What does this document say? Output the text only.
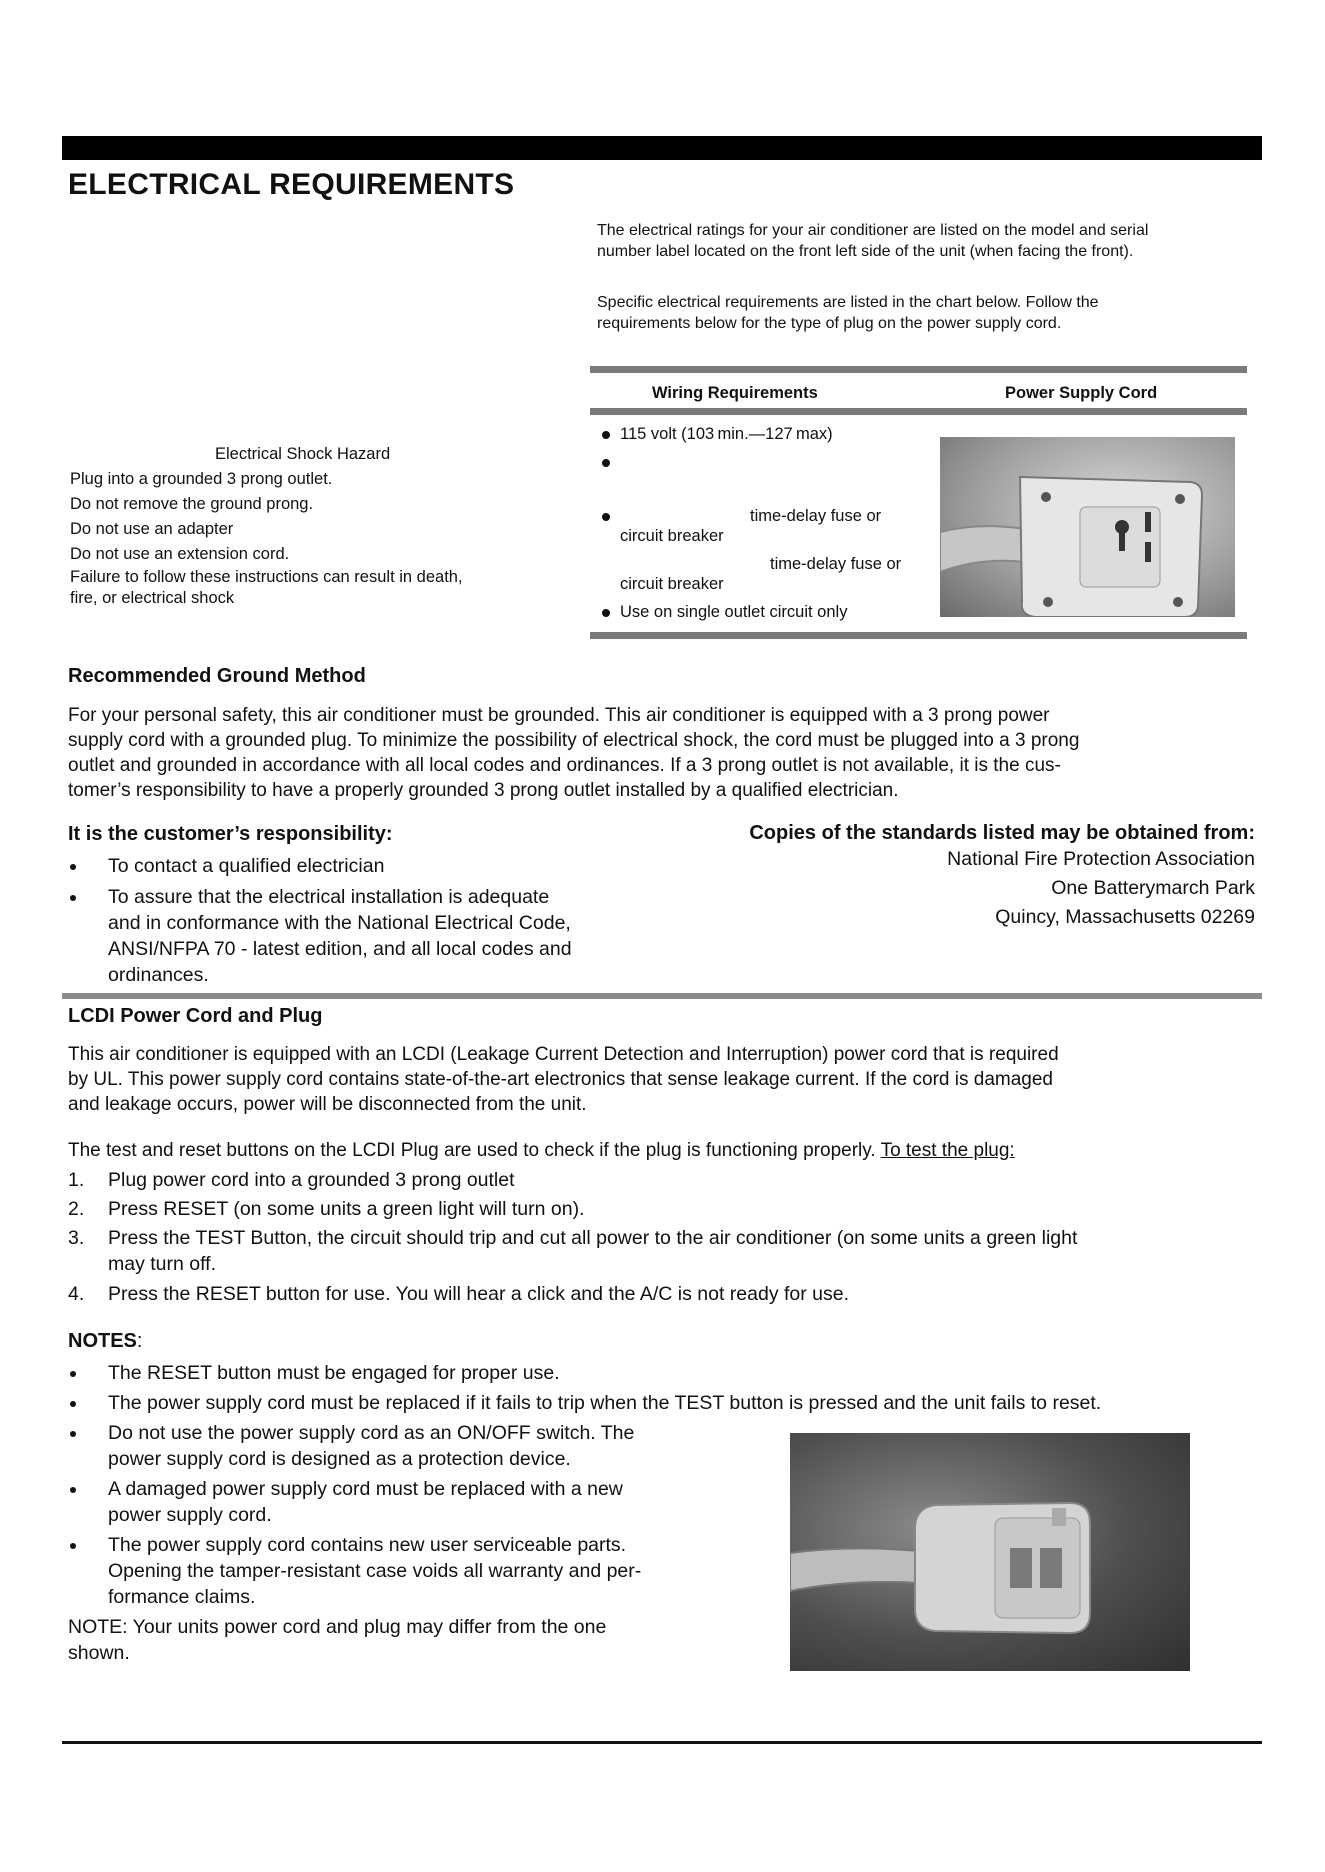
ELECTRICAL REQUIREMENTS
The electrical ratings for your air conditioner are listed on the model and serial
number label located on the front left side of the unit (when facing the front).
Specific electrical requirements are listed in the chart below. Follow the
requirements below for the type of plug on the power supply cord.
Electrical Shock Hazard
Plug into a grounded 3 prong outlet.
Do not remove the ground prong.
Do not use an adapter
Do not use an extension cord.
Failure to follow these instructions can result in death,
fire, or electrical shock
Wiring Requirements	Power Supply Cord
115 volt (103 min.—127 max)
time-delay fuse or
circuit breaker
time-delay fuse or
circuit breaker
Use on single outlet circuit only
Recommended Ground Method
For your personal safety, this air conditioner must be grounded. This air conditioner is equipped with a 3 prong power
supply cord with a grounded plug. To minimize the possibility of electrical shock, the cord must be plugged into a 3 prong
outlet and grounded in accordance with all local codes and ordinances. If a 3 prong outlet is not available, it is the cus-
tomer’s responsibility to have a properly grounded 3 prong outlet installed by a qualified electrician.
It is the customer’s responsibility:
To contact a qualified electrician
To assure that the electrical installation is adequate
and in conformance with the National Electrical Code,
ANSI/NFPA 70 - latest edition, and all local codes and
ordinances.
Copies of the standards listed may be obtained from:
National Fire Protection Association
One Batterymarch Park
Quincy, Massachusetts 02269
LCDI Power Cord and Plug
This air conditioner is equipped with an LCDI (Leakage Current Detection and Interruption) power cord that is required
by UL. This power supply cord contains state-of-the-art electronics that sense leakage current. If the cord is damaged
and leakage occurs, power will be disconnected from the unit.
The test and reset buttons on the LCDI Plug are used to check if the plug is functioning properly. To test the plug:
1.	Plug power cord into a grounded 3 prong outlet
2.	Press RESET (on some units a green light will turn on).
3.	Press the TEST Button, the circuit should trip and cut all power to the air conditioner (on some units a green light
may turn off.
4.	Press the RESET button for use. You will hear a click and the A/C is not ready for use.
NOTES:
The RESET button must be engaged for proper use.
The power supply cord must be replaced if it fails to trip when the TEST button is pressed and the unit fails to reset.
Do not use the power supply cord as an ON/OFF switch. The
power supply cord is designed as a protection device.
A damaged power supply cord must be replaced with a new
power supply cord.
The power supply cord contains new user serviceable parts.
Opening the tamper-resistant case voids all warranty and per-
formance claims.
NOTE: Your units power cord and plug may differ from the one
shown.
